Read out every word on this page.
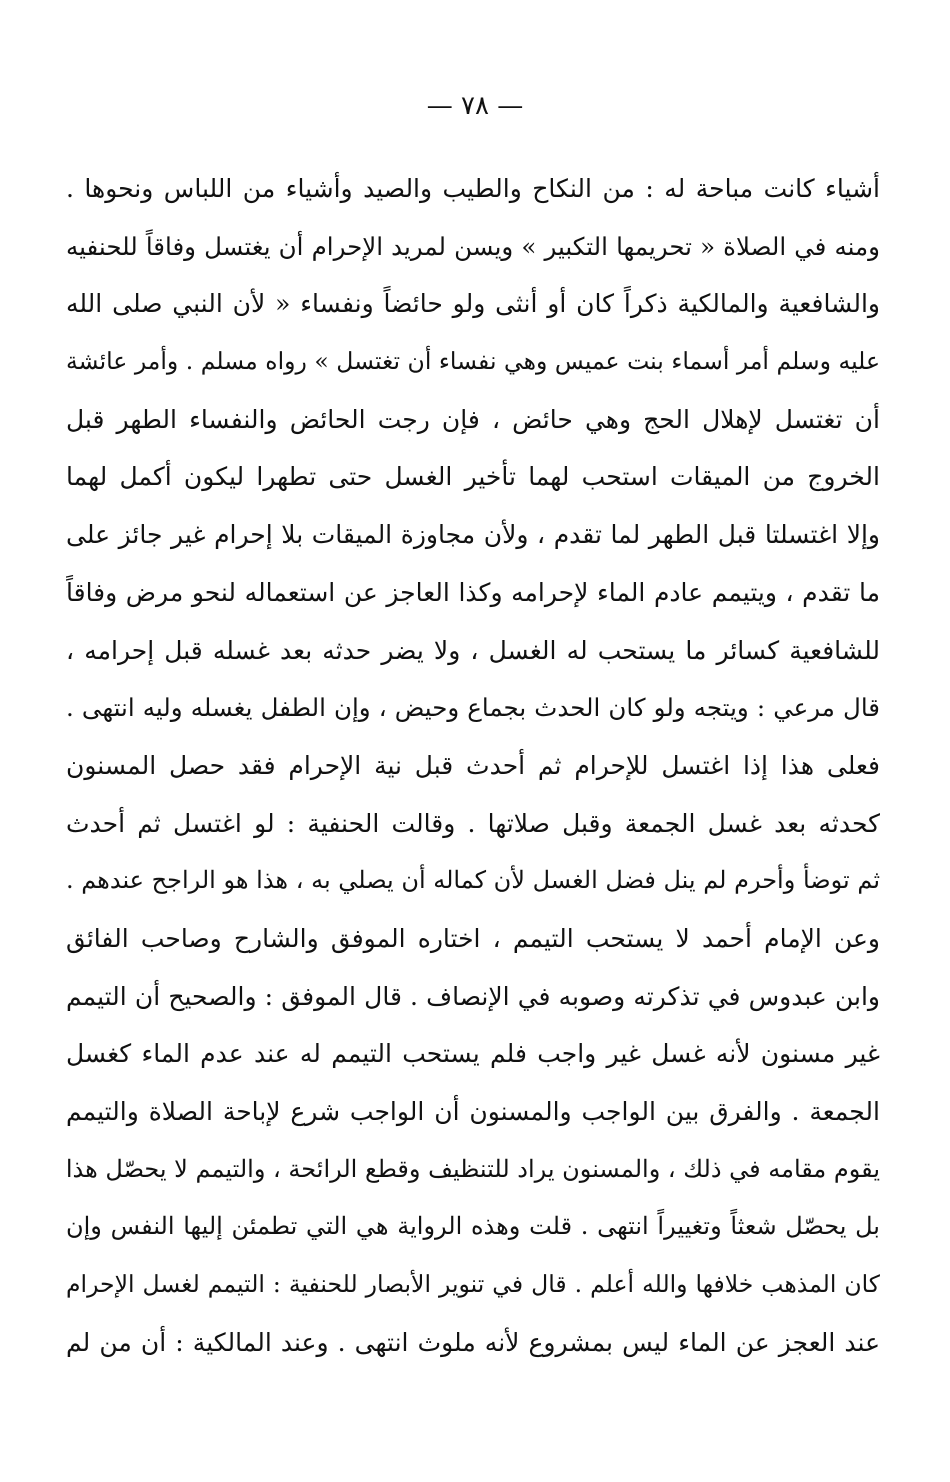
— ٧٨ —
أشياء كانت مباحة له : من النكاح والطيب والصيد وأشياء من اللباس ونحوها .
ومنه في الصلاة « تحريمها التكبير » ويسن لمريد الإحرام أن يغتسل وفاقاً للحنفيه
والشافعية والمالكية ذكراً كان أو أنثى ولو حائضاً ونفساء « لأن النبي صلى الله
عليه وسلم أمر أسماء بنت عميس وهي نفساء أن تغتسل » رواه مسلم . وأمر عائشة
أن تغتسل لإهلال الحج وهي حائض ، فإن رجت الحائض والنفساء الطهر قبل
الخروج من الميقات استحب لهما تأخير الغسل حتى تطهرا ليكون أكمل لهما
وإلا اغتسلتا قبل الطهر لما تقدم ، ولأن مجاوزة الميقات بلا إحرام غير جائز على
ما تقدم ، ويتيمم عادم الماء لإحرامه وكذا العاجز عن استعماله لنحو مرض وفاقاً
للشافعية كسائر ما يستحب له الغسل ، ولا يضر حدثه بعد غسله قبل إحرامه ،
قال مرعي : ويتجه ولو كان الحدث بجماع وحيض ، وإن الطفل يغسله وليه انتهى .
فعلى هذا إذا اغتسل للإحرام ثم أحدث قبل نية الإحرام فقد حصل المسنون
كحدثه بعد غسل الجمعة وقبل صلاتها . وقالت الحنفية : لو اغتسل ثم أحدث
ثم توضأ وأحرم لم ينل فضل الغسل لأن كماله أن يصلي به ، هذا هو الراجح عندهم .
وعن الإمام أحمد لا يستحب التيمم ، اختاره الموفق والشارح وصاحب الفائق
وابن عبدوس في تذكرته وصوبه في الإنصاف . قال الموفق : والصحيح أن التيمم
غير مسنون لأنه غسل غير واجب فلم يستحب التيمم له عند عدم الماء كغسل
الجمعة . والفرق بين الواجب والمسنون أن الواجب شرع لإباحة الصلاة والتيمم
يقوم مقامه في ذلك ، والمسنون يراد للتنظيف وقطع الرائحة ، والتيمم لا يحصّل هذا
بل يحصّل شعثاً وتغييراً انتهى . قلت وهذه الرواية هي التي تطمئن إليها النفس وإن
كان المذهب خلافها والله أعلم . قال في تنوير الأبصار للحنفية : التيمم لغسل الإحرام
عند العجز عن الماء ليس بمشروع لأنه ملوث انتهى . وعند المالكية : أن من لم
